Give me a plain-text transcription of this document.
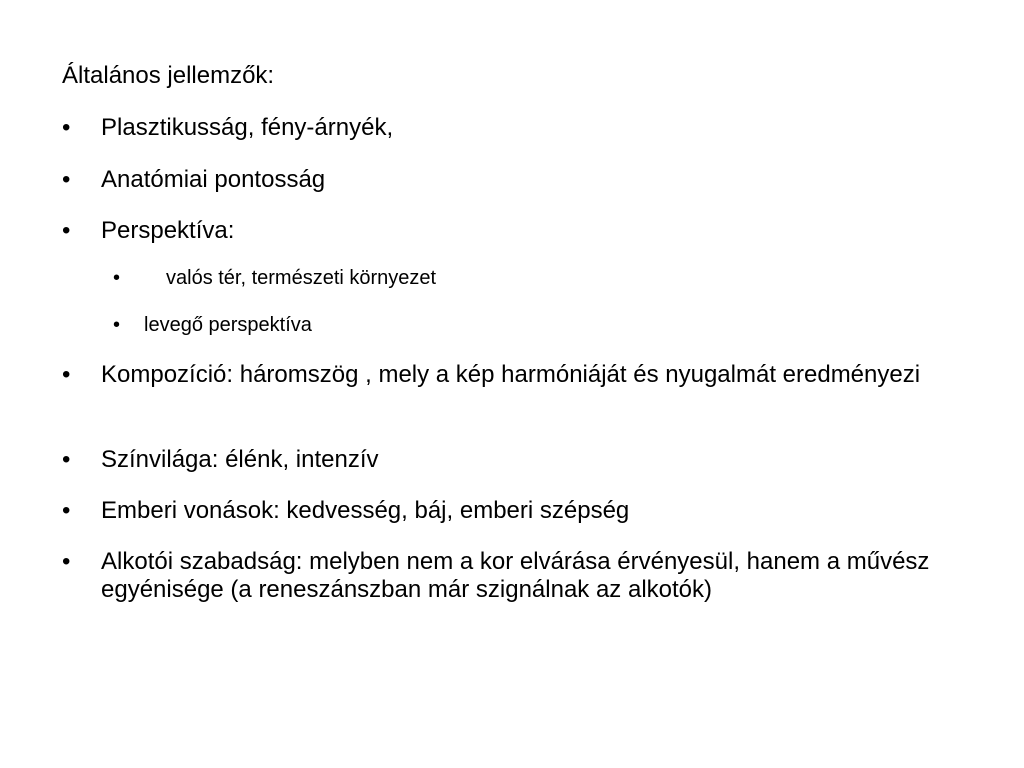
Általános jellemzők:
• Plasztikusság, fény-árnyék,
• Anatómiai pontosság
• Perspektíva:
• valós tér, természeti környezet
• levegő perspektíva
• Kompozíció: háromszög , mely a kép harmóniáját és nyugalmát eredményezi
• Színvilága: élénk, intenzív
• Emberi vonások: kedvesség, báj, emberi szépség
• Alkotói szabadság: melyben nem a kor elvárása érvényesül, hanem a művész egyénisége (a reneszánszban már szignálnak az alkotók)
